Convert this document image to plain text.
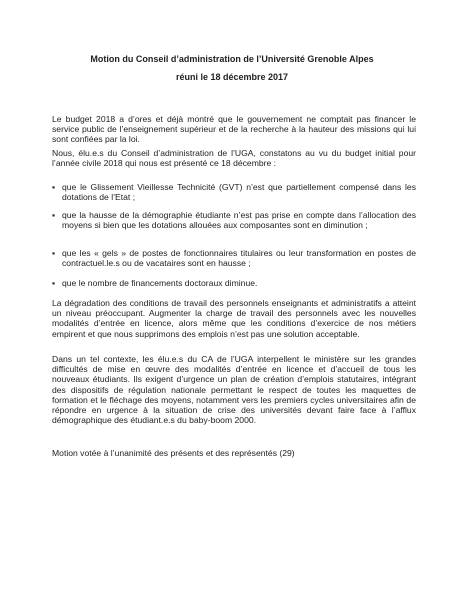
Motion du Conseil d’administration de l’Université Grenoble Alpes
réuni le 18 décembre 2017
Le budget 2018 a d’ores et déjà montré que le gouvernement ne comptait pas financer le service public de l’enseignement supérieur et de la recherche à la hauteur des missions qui lui sont confiées par la loi.
Nous, élu.e.s du Conseil d’administration de l’UGA, constatons au vu du budget initial pour l’année civile 2018 qui nous est présenté ce 18 décembre :
▪ que le Glissement Vieillesse Technicité (GVT) n’est que partiellement compensé dans les dotations de l’Etat ;
▪ que la hausse de la démographie étudiante n’est pas prise en compte dans l’allocation des moyens si bien que les dotations allouées aux composantes sont en diminution ;
▪ que les « gels » de postes de fonctionnaires titulaires ou leur transformation en postes de contractuel.le.s ou de vacataires sont en hausse ;
▪ que le nombre de financements doctoraux diminue.
La dégradation des conditions de travail des personnels enseignants et administratifs a atteint un niveau préoccupant. Augmenter la charge de travail des personnels avec les nouvelles modalités d’entrée en licence, alors même que les conditions d’exercice de nos métiers empirent et que nous supprimons des emplois n’est pas une solution acceptable.
Dans un tel contexte, les élu.e.s du CA de l’UGA interpellent le ministère sur les grandes difficultés de mise en œuvre des modalités d’entrée en licence et d’accueil de tous les nouveaux étudiants. Ils exigent d’urgence un plan de création d’emplois statutaires, intégrant des dispositifs de régulation nationale permettant le respect de toutes les maquettes de formation et le fléchage des moyens, notamment vers les premiers cycles universitaires afin de répondre en urgence à la situation de crise des universités devant faire face à l’afflux démographique des étudiant.e.s du baby-boom 2000.
Motion votée à l’unanimité des présents et des représentés (29)
